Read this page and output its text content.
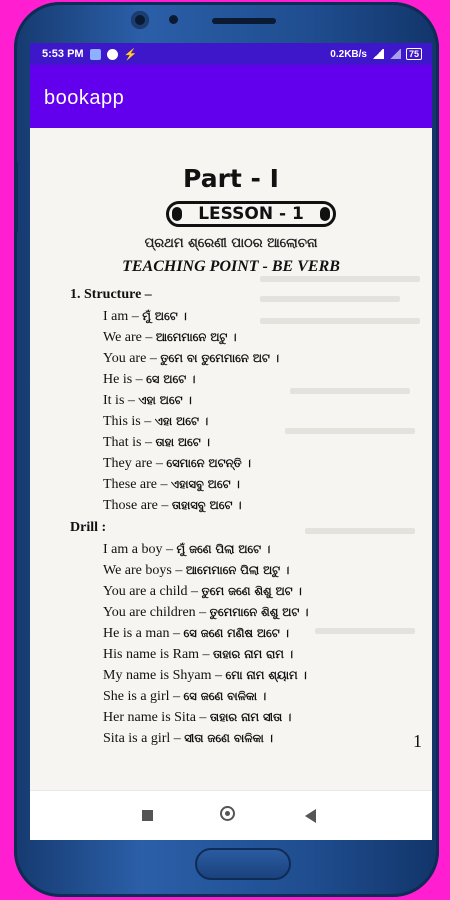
5:53 PM	⚡	0.2KB/s	75
bookapp
Part - I
LESSON - 1
ପ୍ରଥମ ଶ୍ରେଣୀ ପାଠର ଆଲୋଚନା
TEACHING POINT - BE VERB
1. Structure –
I am – ମୁଁ ଅଟେ ।
We are – ଆମେମାନେ ଅଟୁ ।
You are – ତୁମେ ବା ତୁମେମାନେ ଅଟ ।
He is – ସେ ଅଟେ ।
It is – ଏହା ଅଟେ ।
This is – ଏହା ଅଟେ ।
That is – ତାହା ଅଟେ ।
They are – ସେମାନେ ଅଟନ୍ତି ।
These are – ଏହାସବୁ ଅଟେ ।
Those are – ତାହାସବୁ ଅଟେ ।
Drill :
I am a boy – ମୁଁ ଜଣେ ପିଲା ଅଟେ ।
We are boys – ଆମେମାନେ ପିଲା ଅଟୁ ।
You are a child – ତୁମେ ଜଣେ ଶିଶୁ ଅଟ ।
You are children – ତୁମେମାନେ ଶିଶୁ ଅଟ ।
He is a man – ସେ ଜଣେ ମଣିଷ ଅଟେ ।
His name is Ram – ତାହାର ନାମ ରାମ ।
My name is Shyam – ମୋ ନାମ ଶ୍ୟାମ ।
She is a girl – ସେ ଜଣେ ବାଳିକା ।
Her name is Sita – ତାହାର ନାମ ସୀତା ।
Sita is a girl – ସୀତା ଜଣେ ବାଳିକା ।	1
